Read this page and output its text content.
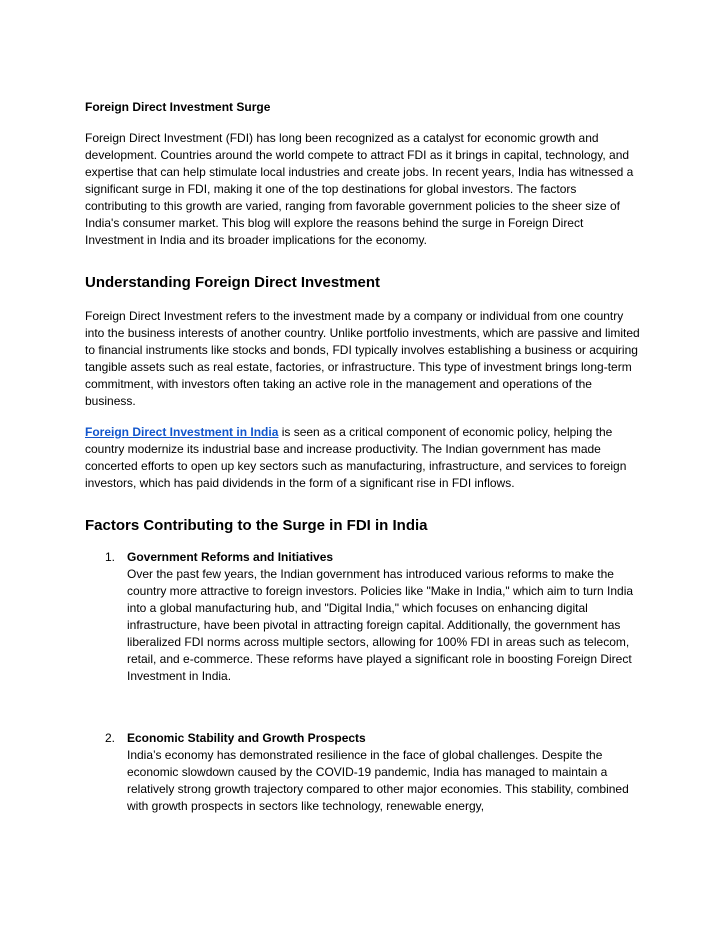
Foreign Direct Investment Surge

Foreign Direct Investment (FDI) has long been recognized as a catalyst for economic growth and development. Countries around the world compete to attract FDI as it brings in capital, technology, and expertise that can help stimulate local industries and create jobs. In recent years, India has witnessed a significant surge in FDI, making it one of the top destinations for global investors. The factors contributing to this growth are varied, ranging from favorable government policies to the sheer size of India's consumer market. This blog will explore the reasons behind the surge in Foreign Direct Investment in India and its broader implications for the economy.

Understanding Foreign Direct Investment

Foreign Direct Investment refers to the investment made by a company or individual from one country into the business interests of another country. Unlike portfolio investments, which are passive and limited to financial instruments like stocks and bonds, FDI typically involves establishing a business or acquiring tangible assets such as real estate, factories, or infrastructure. This type of investment brings long-term commitment, with investors often taking an active role in the management and operations of the business.

Foreign Direct Investment in India is seen as a critical component of economic policy, helping the country modernize its industrial base and increase productivity. The Indian government has made concerted efforts to open up key sectors such as manufacturing, infrastructure, and services to foreign investors, which has paid dividends in the form of a significant rise in FDI inflows.

Factors Contributing to the Surge in FDI in India
1. Government Reforms and Initiatives
Over the past few years, the Indian government has introduced various reforms to make the country more attractive to foreign investors. Policies like "Make in India," which aim to turn India into a global manufacturing hub, and "Digital India," which focuses on enhancing digital infrastructure, have been pivotal in attracting foreign capital. Additionally, the government has liberalized FDI norms across multiple sectors, allowing for 100% FDI in areas such as telecom, retail, and e-commerce. These reforms have played a significant role in boosting Foreign Direct Investment in India.
2. Economic Stability and Growth Prospects
India’s economy has demonstrated resilience in the face of global challenges. Despite the economic slowdown caused by the COVID-19 pandemic, India has managed to maintain a relatively strong growth trajectory compared to other major economies. This stability, combined with growth prospects in sectors like technology, renewable energy,
